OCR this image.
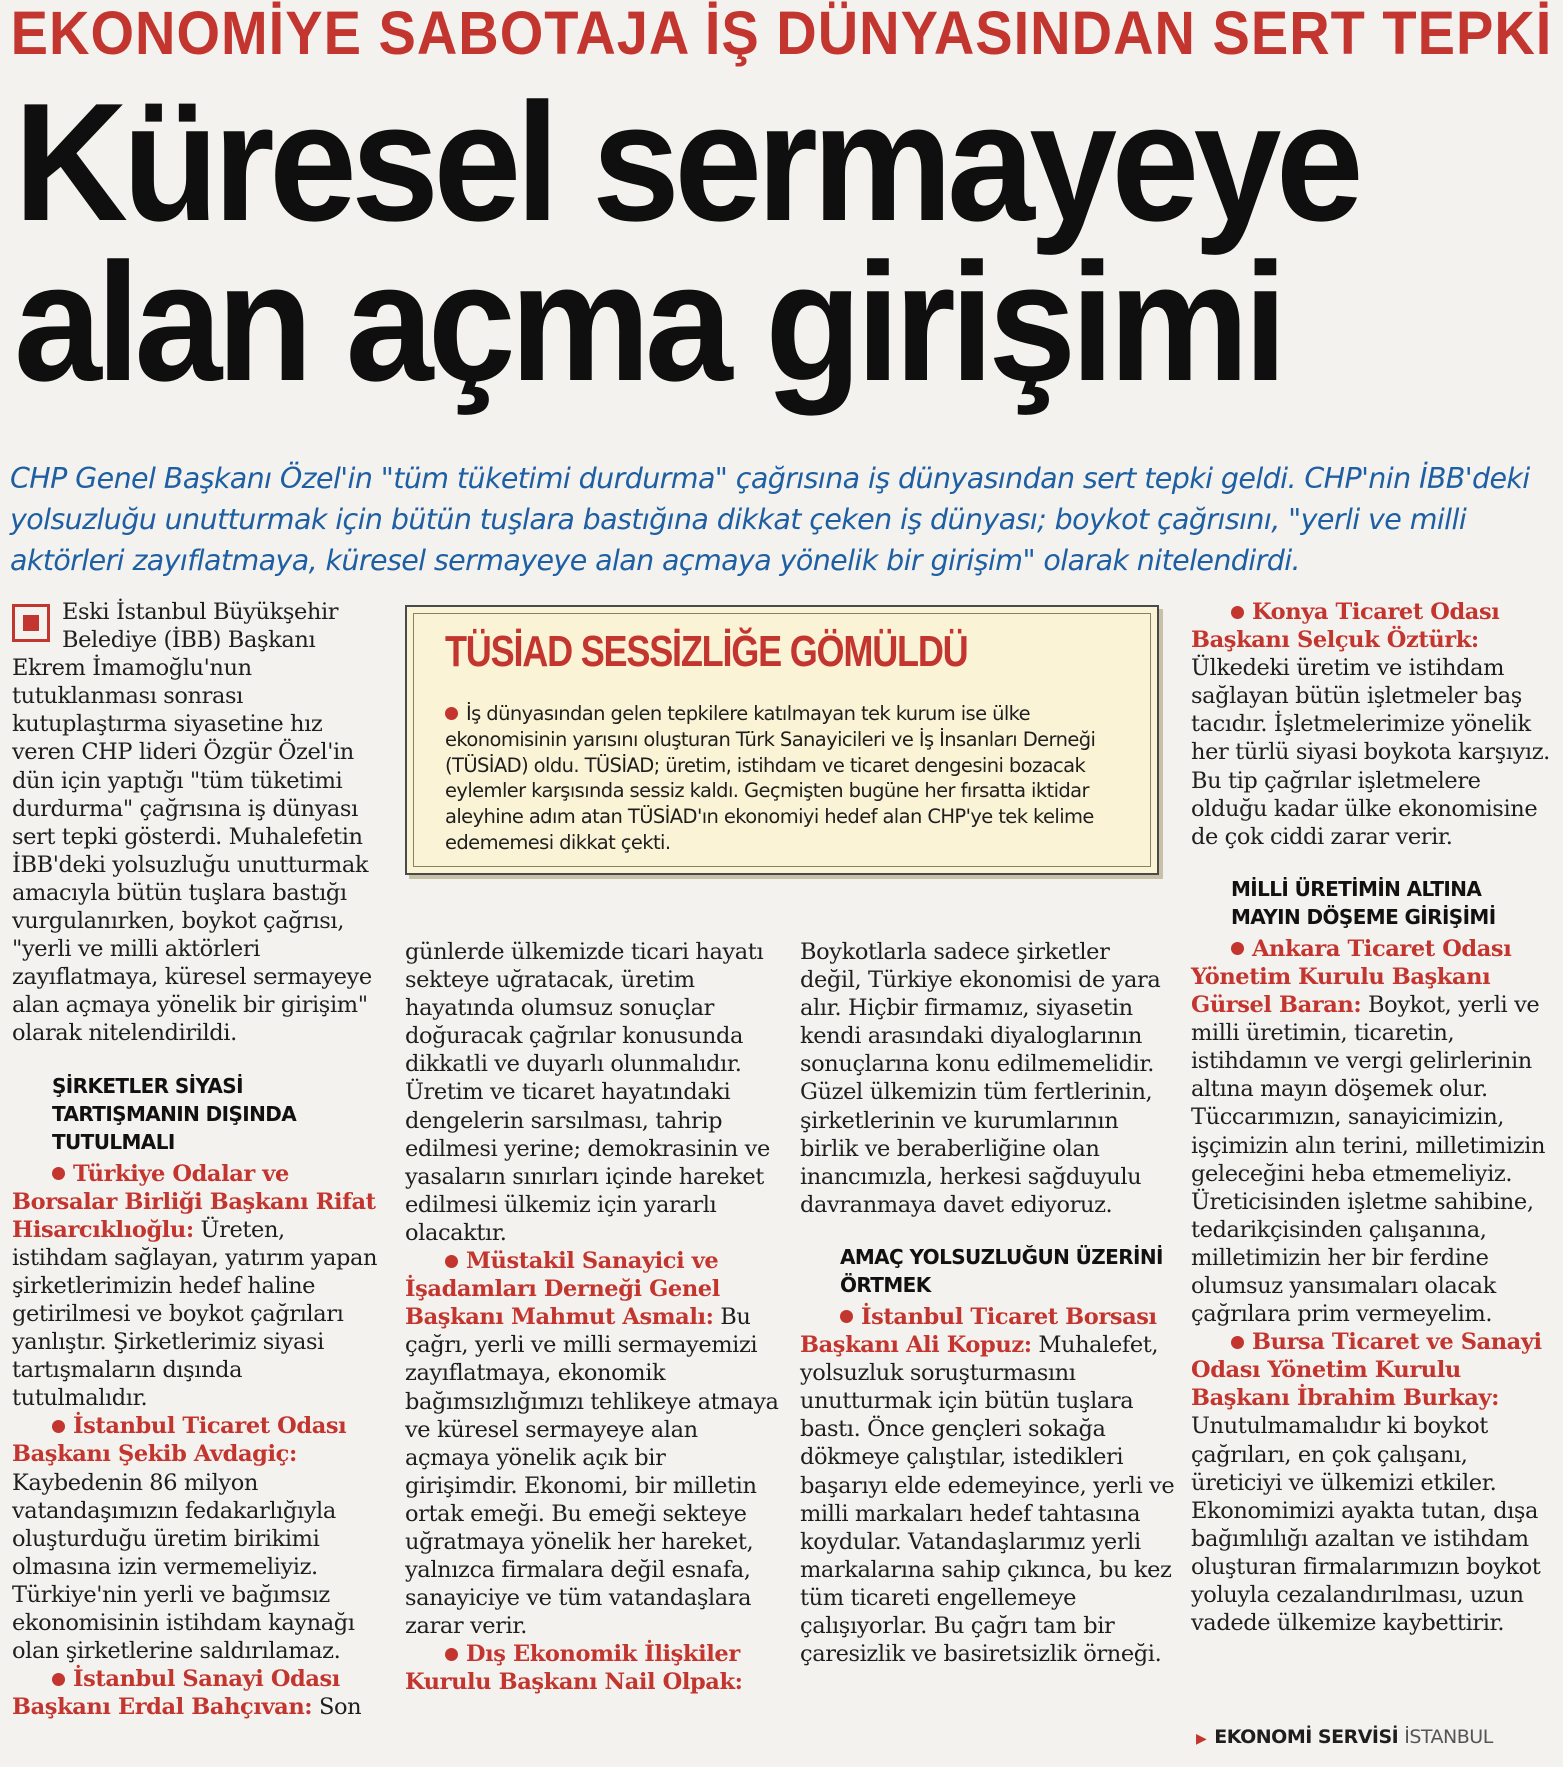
EKONOMİYE SABOTAJA İŞ DÜNYASINDAN SERT TEPKİ
Küresel sermayeye
alan açma girişimi
CHP Genel Başkanı Özel'in "tüm tüketimi durdurma" çağrısına iş dünyasından sert tepki geldi. CHP'nin İBB'deki yolsuzluğu unutturmak için bütün tuşlara bastığına dikkat çeken iş dünyası; boykot çağrısını, "yerli ve milli aktörleri zayıflatmaya, küresel sermayeye alan açmaya yönelik bir girişim" olarak nitelendirdi.

Eski İstanbul Büyükşehir Belediye (İBB) Başkanı Ekrem İmamoğlu'nun tutuklanması sonrası kutuplaştırma siyasetine hız veren CHP lideri Özgür Özel'in dün için yaptığı "tüm tüketimi durdurma" çağrısına iş dünyası sert tepki gösterdi. Muhalefetin İBB'deki yolsuzluğu unutturmak amacıyla bütün tuşlara bastığı vurgulanırken, boykot çağrısı, "yerli ve milli aktörleri zayıflatmaya, küresel sermayeye alan açmaya yönelik bir girişim" olarak nitelendirildi.

ŞİRKETLER SİYASİ TARTIŞMANIN DIŞINDA TUTULMALI

Türkiye Odalar ve Borsalar Birliği Başkanı Rifat Hisarcıklıoğlu: Üreten, istihdam sağlayan, yatırım yapan şirketlerimizin hedef haline getirilmesi ve boykot çağrıları yanlıştır. Şirketlerimiz siyasi tartışmaların dışında tutulmalıdır.

İstanbul Ticaret Odası Başkanı Şekib Avdagiç: Kaybedenin 86 milyon vatandaşımızın fedakarlığıyla oluşturduğu üretim birikimi olmasına izin vermemeliyiz. Türkiye'nin yerli ve bağımsız ekonomisinin istihdam kaynağı olan şirketlerine saldırılamaz.

İstanbul Sanayi Odası Başkanı Erdal Bahçıvan: Son

TÜSİAD SESSİZLİĞE GÖMÜLDÜ

İş dünyasından gelen tepkilere katılmayan tek kurum ise ülke ekonomisinin yarısını oluşturan Türk Sanayicileri ve İş İnsanları Derneği (TÜSİAD) oldu. TÜSİAD; üretim, istihdam ve ticaret dengesini bozacak eylemler karşısında sessiz kaldı. Geçmişten bugüne her fırsatta iktidar aleyhine adım atan TÜSİAD'ın ekonomiyi hedef alan CHP'ye tek kelime edememesi dikkat çekti.

günlerde ülkemizde ticari hayatı sekteye uğratacak, üretim hayatında olumsuz sonuçlar doğuracak çağrılar konusunda dikkatli ve duyarlı olunmalıdır. Üretim ve ticaret hayatındaki dengelerin sarsılması, tahrip edilmesi yerine; demokrasinin ve yasaların sınırları içinde hareket edilmesi ülkemiz için yararlı olacaktır.

Müstakil Sanayici ve İşadamları Derneği Genel Başkanı Mahmut Asmalı: Bu çağrı, yerli ve milli sermayemizi zayıflatmaya, ekonomik bağımsızlığımızı tehlikeye atmaya ve küresel sermayeye alan açmaya yönelik açık bir girişimdir. Ekonomi, bir milletin ortak emeği. Bu emeği sekteye uğratmaya yönelik her hareket, yalnızca firmalara değil esnafa, sanayiciye ve tüm vatandaşlara zarar verir.

Dış Ekonomik İlişkiler Kurulu Başkanı Nail Olpak:

Boykotlarla sadece şirketler değil, Türkiye ekonomisi de yara alır. Hiçbir firmamız, siyasetin kendi arasındaki diyaloglarının sonuçlarına konu edilmemelidir. Güzel ülkemizin tüm fertlerinin, şirketlerinin ve kurumlarının birlik ve beraberliğine olan inancımızla, herkesi sağduyulu davranmaya davet ediyoruz.

AMAÇ YOLSUZLUĞUN ÜZERİNİ ÖRTMEK

İstanbul Ticaret Borsası Başkanı Ali Kopuz: Muhalefet, yolsuzluk soruşturmasını unutturmak için bütün tuşlara bastı. Önce gençleri sokağa dökmeye çalıştılar, istedikleri başarıyı elde edemeyince, yerli ve milli markaları hedef tahtasına koydular. Vatandaşlarımız yerli markalarına sahip çıkınca, bu kez tüm ticareti engellemeye çalışıyorlar. Bu çağrı tam bir çaresizlik ve basiretsizlik örneği.

Konya Ticaret Odası Başkanı Selçuk Öztürk: Ülkedeki üretim ve istihdam sağlayan bütün işletmeler baş tacıdır. İşletmelerimize yönelik her türlü siyasi boykota karşıyız. Bu tip çağrılar işletmelere olduğu kadar ülke ekonomisine de çok ciddi zarar verir.

MİLLİ ÜRETİMİN ALTINA MAYIN DÖŞEME GİRİŞİMİ

Ankara Ticaret Odası Yönetim Kurulu Başkanı Gürsel Baran: Boykot, yerli ve milli üretimin, ticaretin, istihdamın ve vergi gelirlerinin altına mayın döşemek olur. Tüccarımızın, sanayicimizin, işçimizin alın terini, milletimizin geleceğini heba etmemeliyiz. Üreticisinden işletme sahibine, tedarikçisinden çalışanına, milletimizin her bir ferdine olumsuz yansımaları olacak çağrılara prim vermeyelim.

Bursa Ticaret ve Sanayi Odası Yönetim Kurulu Başkanı İbrahim Burkay: Unutulmamalıdır ki boykot çağrıları, en çok çalışanı, üreticiyi ve ülkemizi etkiler. Ekonomimizi ayakta tutan, dışa bağımlılığı azaltan ve istihdam oluşturan firmalarımızın boykot yoluyla cezalandırılması, uzun vadede ülkemize kaybettirir.

▶ EKONOMİ SERVİSİ İSTANBUL
